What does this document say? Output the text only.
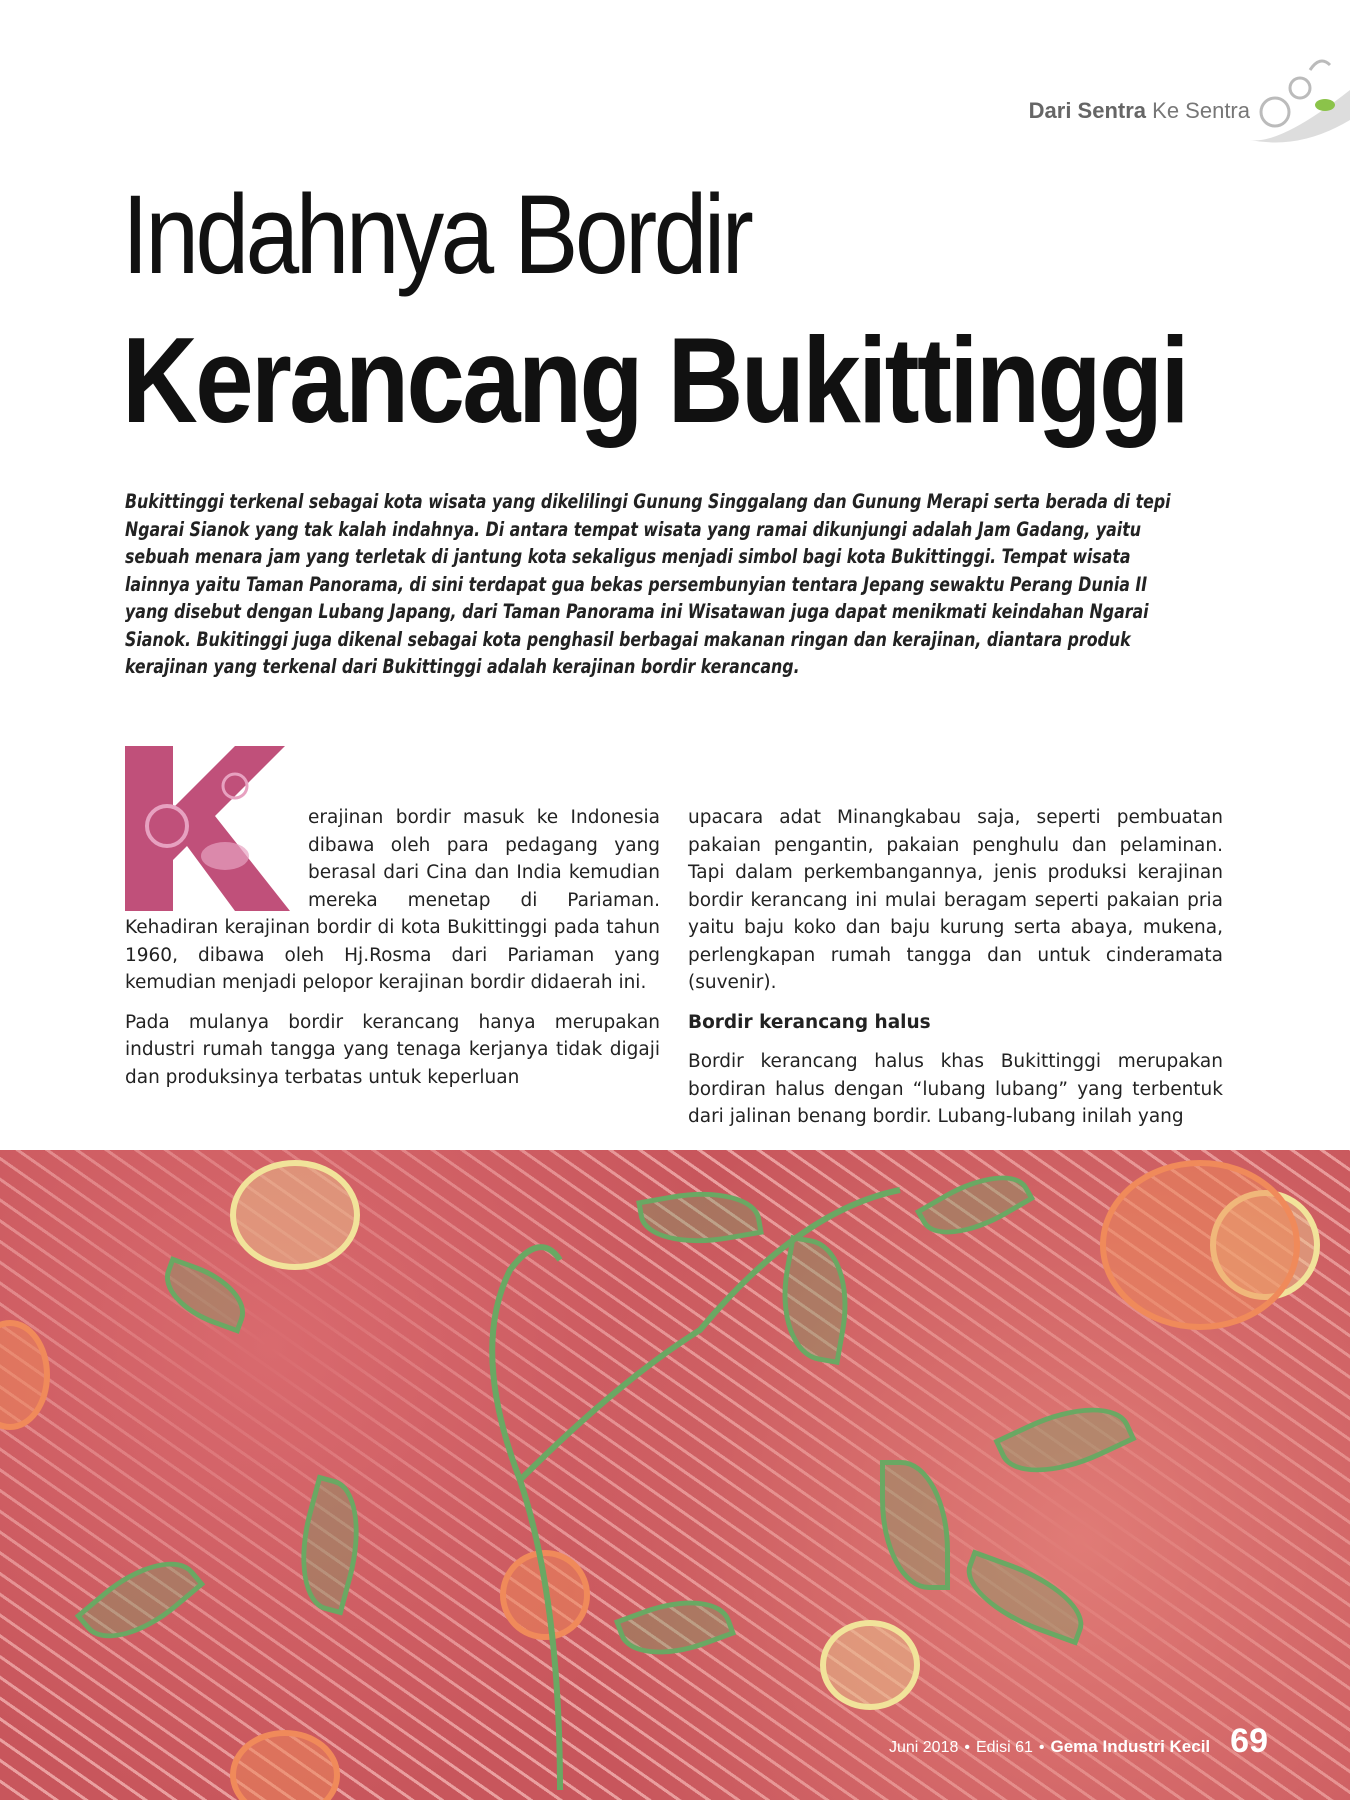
Dari Sentra Ke Sentra
Indahnya Bordir
Kerancang Bukittinggi

Bukittinggi terkenal sebagai kota wisata yang dikelilingi Gunung Singgalang dan Gunung Merapi serta berada di tepi Ngarai Sianok yang tak kalah indahnya. Di antara tempat wisata yang ramai dikunjungi adalah Jam Gadang, yaitu sebuah menara jam yang terletak di jantung kota sekaligus menjadi simbol bagi kota Bukittinggi. Tempat wisata lainnya yaitu Taman Panorama, di sini terdapat gua bekas persembunyian tentara Jepang sewaktu Perang Dunia II yang disebut dengan Lubang Japang, dari Taman Panorama ini Wisatawan juga dapat menikmati keindahan Ngarai Sianok. Bukitinggi juga dikenal sebagai kota penghasil berbagai makanan ringan dan kerajinan, diantara produk kerajinan yang terkenal dari Bukittinggi adalah kerajinan bordir kerancang.

erajinan bordir masuk ke Indonesia dibawa oleh para pedagang yang berasal dari Cina dan India kemudian mereka menetap di Pariaman. Kehadiran kerajinan bordir di kota Bukittinggi pada tahun 1960, dibawa oleh Hj.Rosma dari Pariaman yang kemudian menjadi pelopor kerajinan bordir didaerah ini.

Pada mulanya bordir kerancang hanya merupakan industri rumah tangga yang tenaga kerjanya tidak digaji dan produksinya terbatas untuk keperluan

upacara adat Minangkabau saja, seperti pembuatan pakaian pengantin, pakaian penghulu dan pelaminan. Tapi dalam perkembangannya, jenis produksi kerajinan bordir kerancang ini mulai beragam seperti pakaian pria yaitu baju koko dan baju kurung serta abaya, mukena, perlengkapan rumah tangga dan untuk cinderamata (suvenir).

Bordir kerancang halus

Bordir kerancang halus khas Bukittinggi merupakan bordiran halus dengan “lubang lubang” yang terbentuk dari jalinan benang bordir. Lubang-lubang inilah yang

Juni 2018 • Edisi 61 • Gema Industri Kecil 69
